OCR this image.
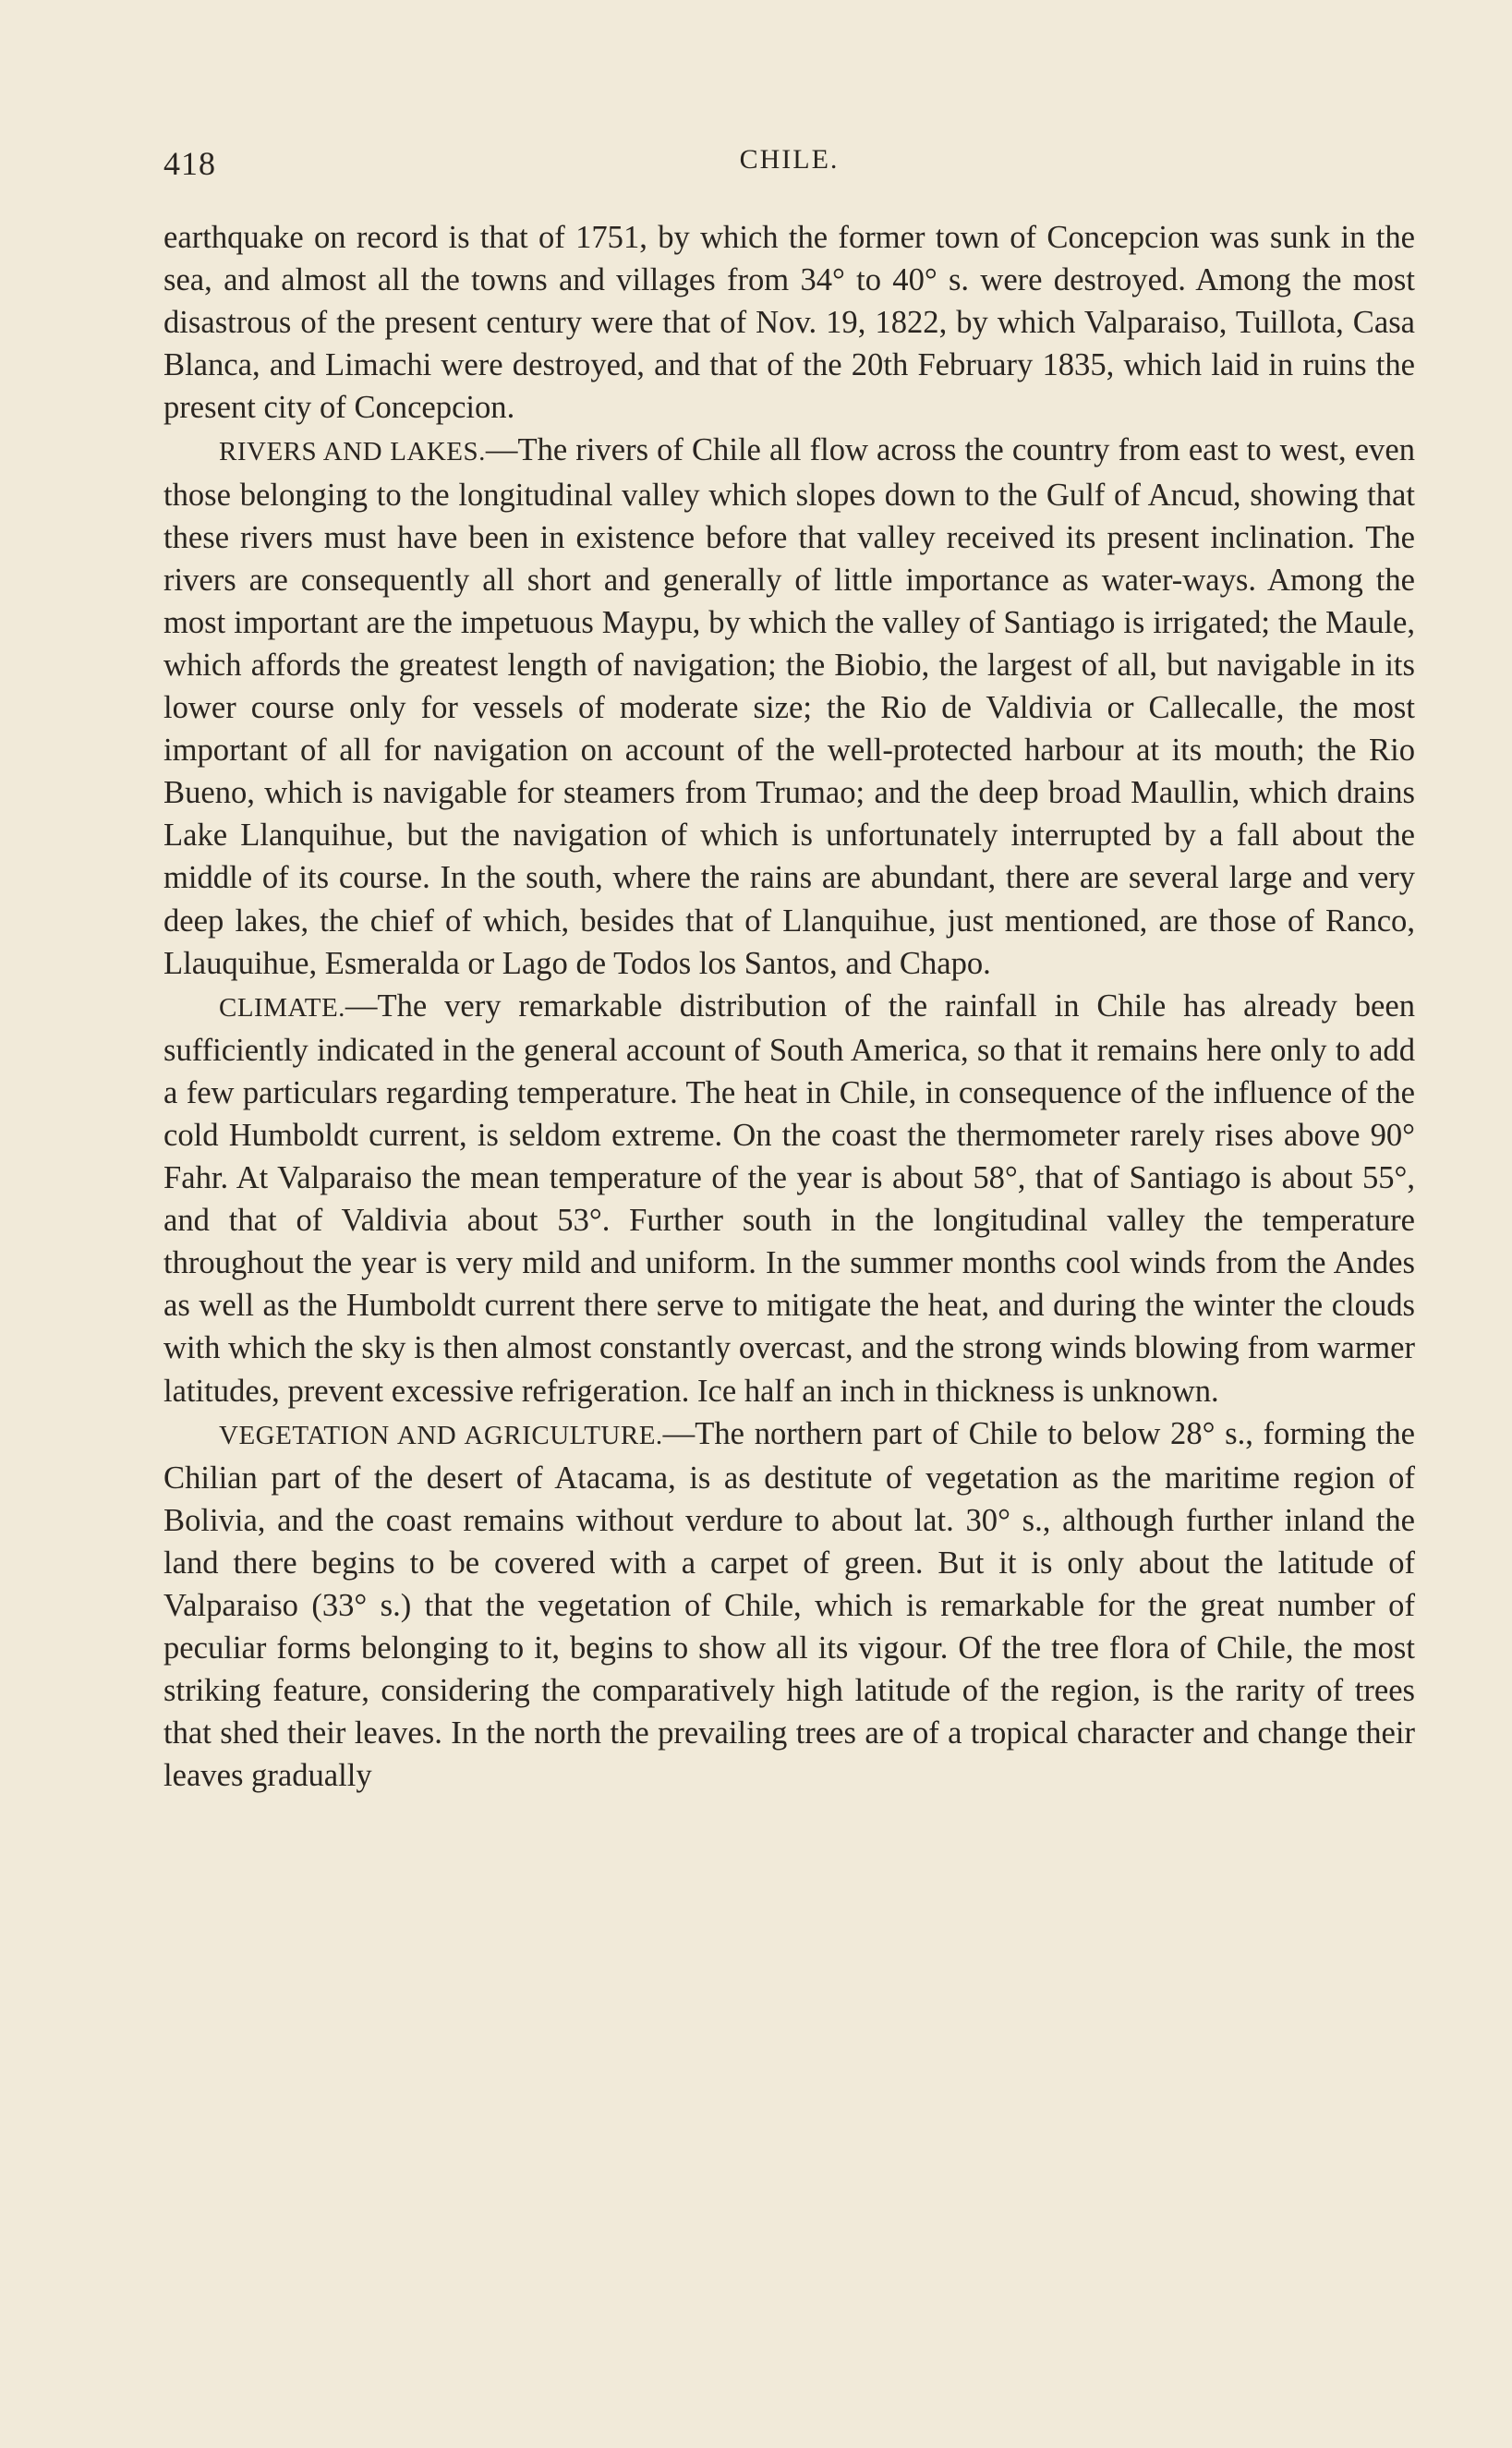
418	CHILE.

earthquake on record is that of 1751, by which the former town of Concepcion was sunk in the sea, and almost all the towns and villages from 34° to 40° s. were destroyed. Among the most disastrous of the present century were that of Nov. 19, 1822, by which Valparaiso, Tuillota, Casa Blanca, and Limachi were destroyed, and that of the 20th February 1835, which laid in ruins the present city of Concepcion.

RIVERS AND LAKES.—The rivers of Chile all flow across the country from east to west, even those belonging to the longitudinal valley which slopes down to the Gulf of Ancud, showing that these rivers must have been in existence before that valley received its present inclination. The rivers are consequently all short and generally of little importance as water-ways. Among the most important are the impetuous Maypu, by which the valley of Santiago is irrigated; the Maule, which affords the greatest length of navigation; the Biobio, the largest of all, but navigable in its lower course only for vessels of moderate size; the Rio de Valdivia or Callecalle, the most important of all for navigation on account of the well-protected harbour at its mouth; the Rio Bueno, which is navigable for steamers from Trumao; and the deep broad Maullin, which drains Lake Llanquihue, but the navigation of which is unfortunately interrupted by a fall about the middle of its course. In the south, where the rains are abundant, there are several large and very deep lakes, the chief of which, besides that of Llanquihue, just mentioned, are those of Ranco, Llauquihue, Esmeralda or Lago de Todos los Santos, and Chapo.

CLIMATE.—The very remarkable distribution of the rainfall in Chile has already been sufficiently indicated in the general account of South America, so that it remains here only to add a few particulars regarding temperature. The heat in Chile, in consequence of the influence of the cold Humboldt current, is seldom extreme. On the coast the thermometer rarely rises above 90° Fahr. At Valparaiso the mean temperature of the year is about 58°, that of Santiago is about 55°, and that of Valdivia about 53°. Further south in the longitudinal valley the temperature throughout the year is very mild and uniform. In the summer months cool winds from the Andes as well as the Humboldt current there serve to mitigate the heat, and during the winter the clouds with which the sky is then almost constantly overcast, and the strong winds blowing from warmer latitudes, prevent excessive refrigeration. Ice half an inch in thickness is unknown.

VEGETATION AND AGRICULTURE.—The northern part of Chile to below 28° s., forming the Chilian part of the desert of Atacama, is as destitute of vegetation as the maritime region of Bolivia, and the coast remains without verdure to about lat. 30° s., although further inland the land there begins to be covered with a carpet of green. But it is only about the latitude of Valparaiso (33° s.) that the vegetation of Chile, which is remarkable for the great number of peculiar forms belonging to it, begins to show all its vigour. Of the tree flora of Chile, the most striking feature, considering the comparatively high latitude of the region, is the rarity of trees that shed their leaves. In the north the prevailing trees are of a tropical character and change their leaves gradually
